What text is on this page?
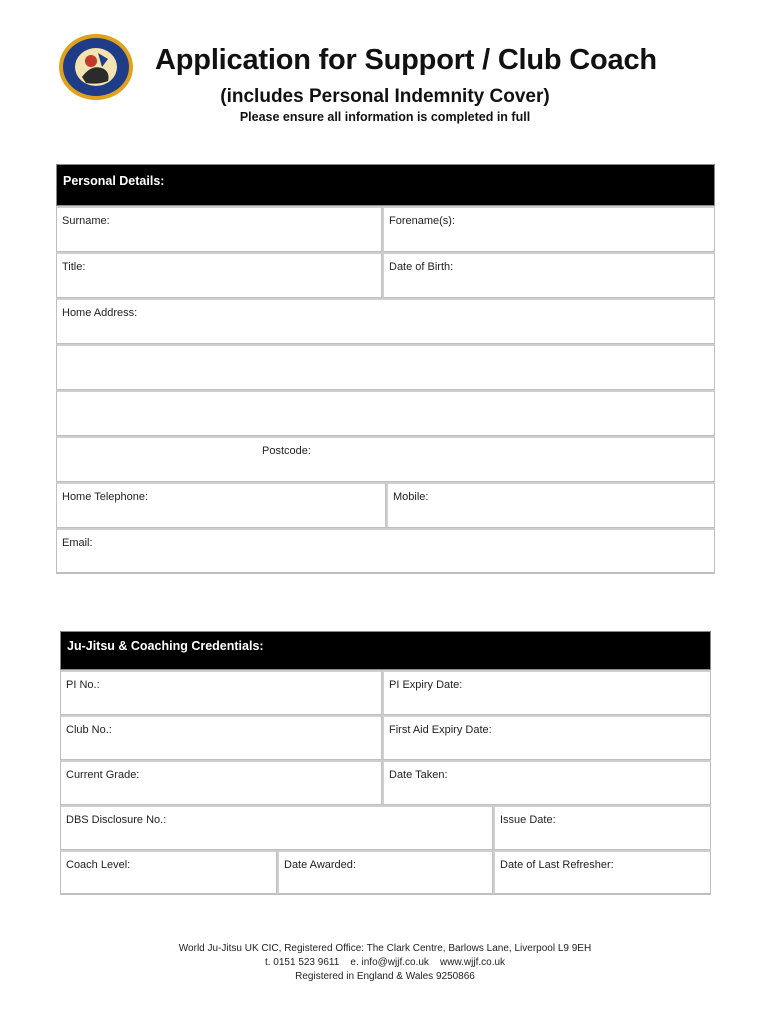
Application for Support / Club Coach
(includes Personal Indemnity Cover)
Please ensure all information is completed in full
Personal Details:
Surname:	Forename(s):
Title:	Date of Birth:
Home Address:
Postcode:
Home Telephone:	Mobile:
Email:
Ju-Jitsu & Coaching Credentials:
PI No.:	PI Expiry Date:
Club No.:	First Aid Expiry Date:
Current Grade:	Date Taken:
DBS Disclosure No.:	Issue Date:
Coach Level:	Date Awarded:	Date of Last Refresher:
World Ju-Jitsu UK CIC, Registered Office: The Clark Centre, Barlows Lane, Liverpool L9 9EH
t. 0151 523 9611    e. info@wjjf.co.uk    www.wjjf.co.uk
Registered in England & Wales 9250866
